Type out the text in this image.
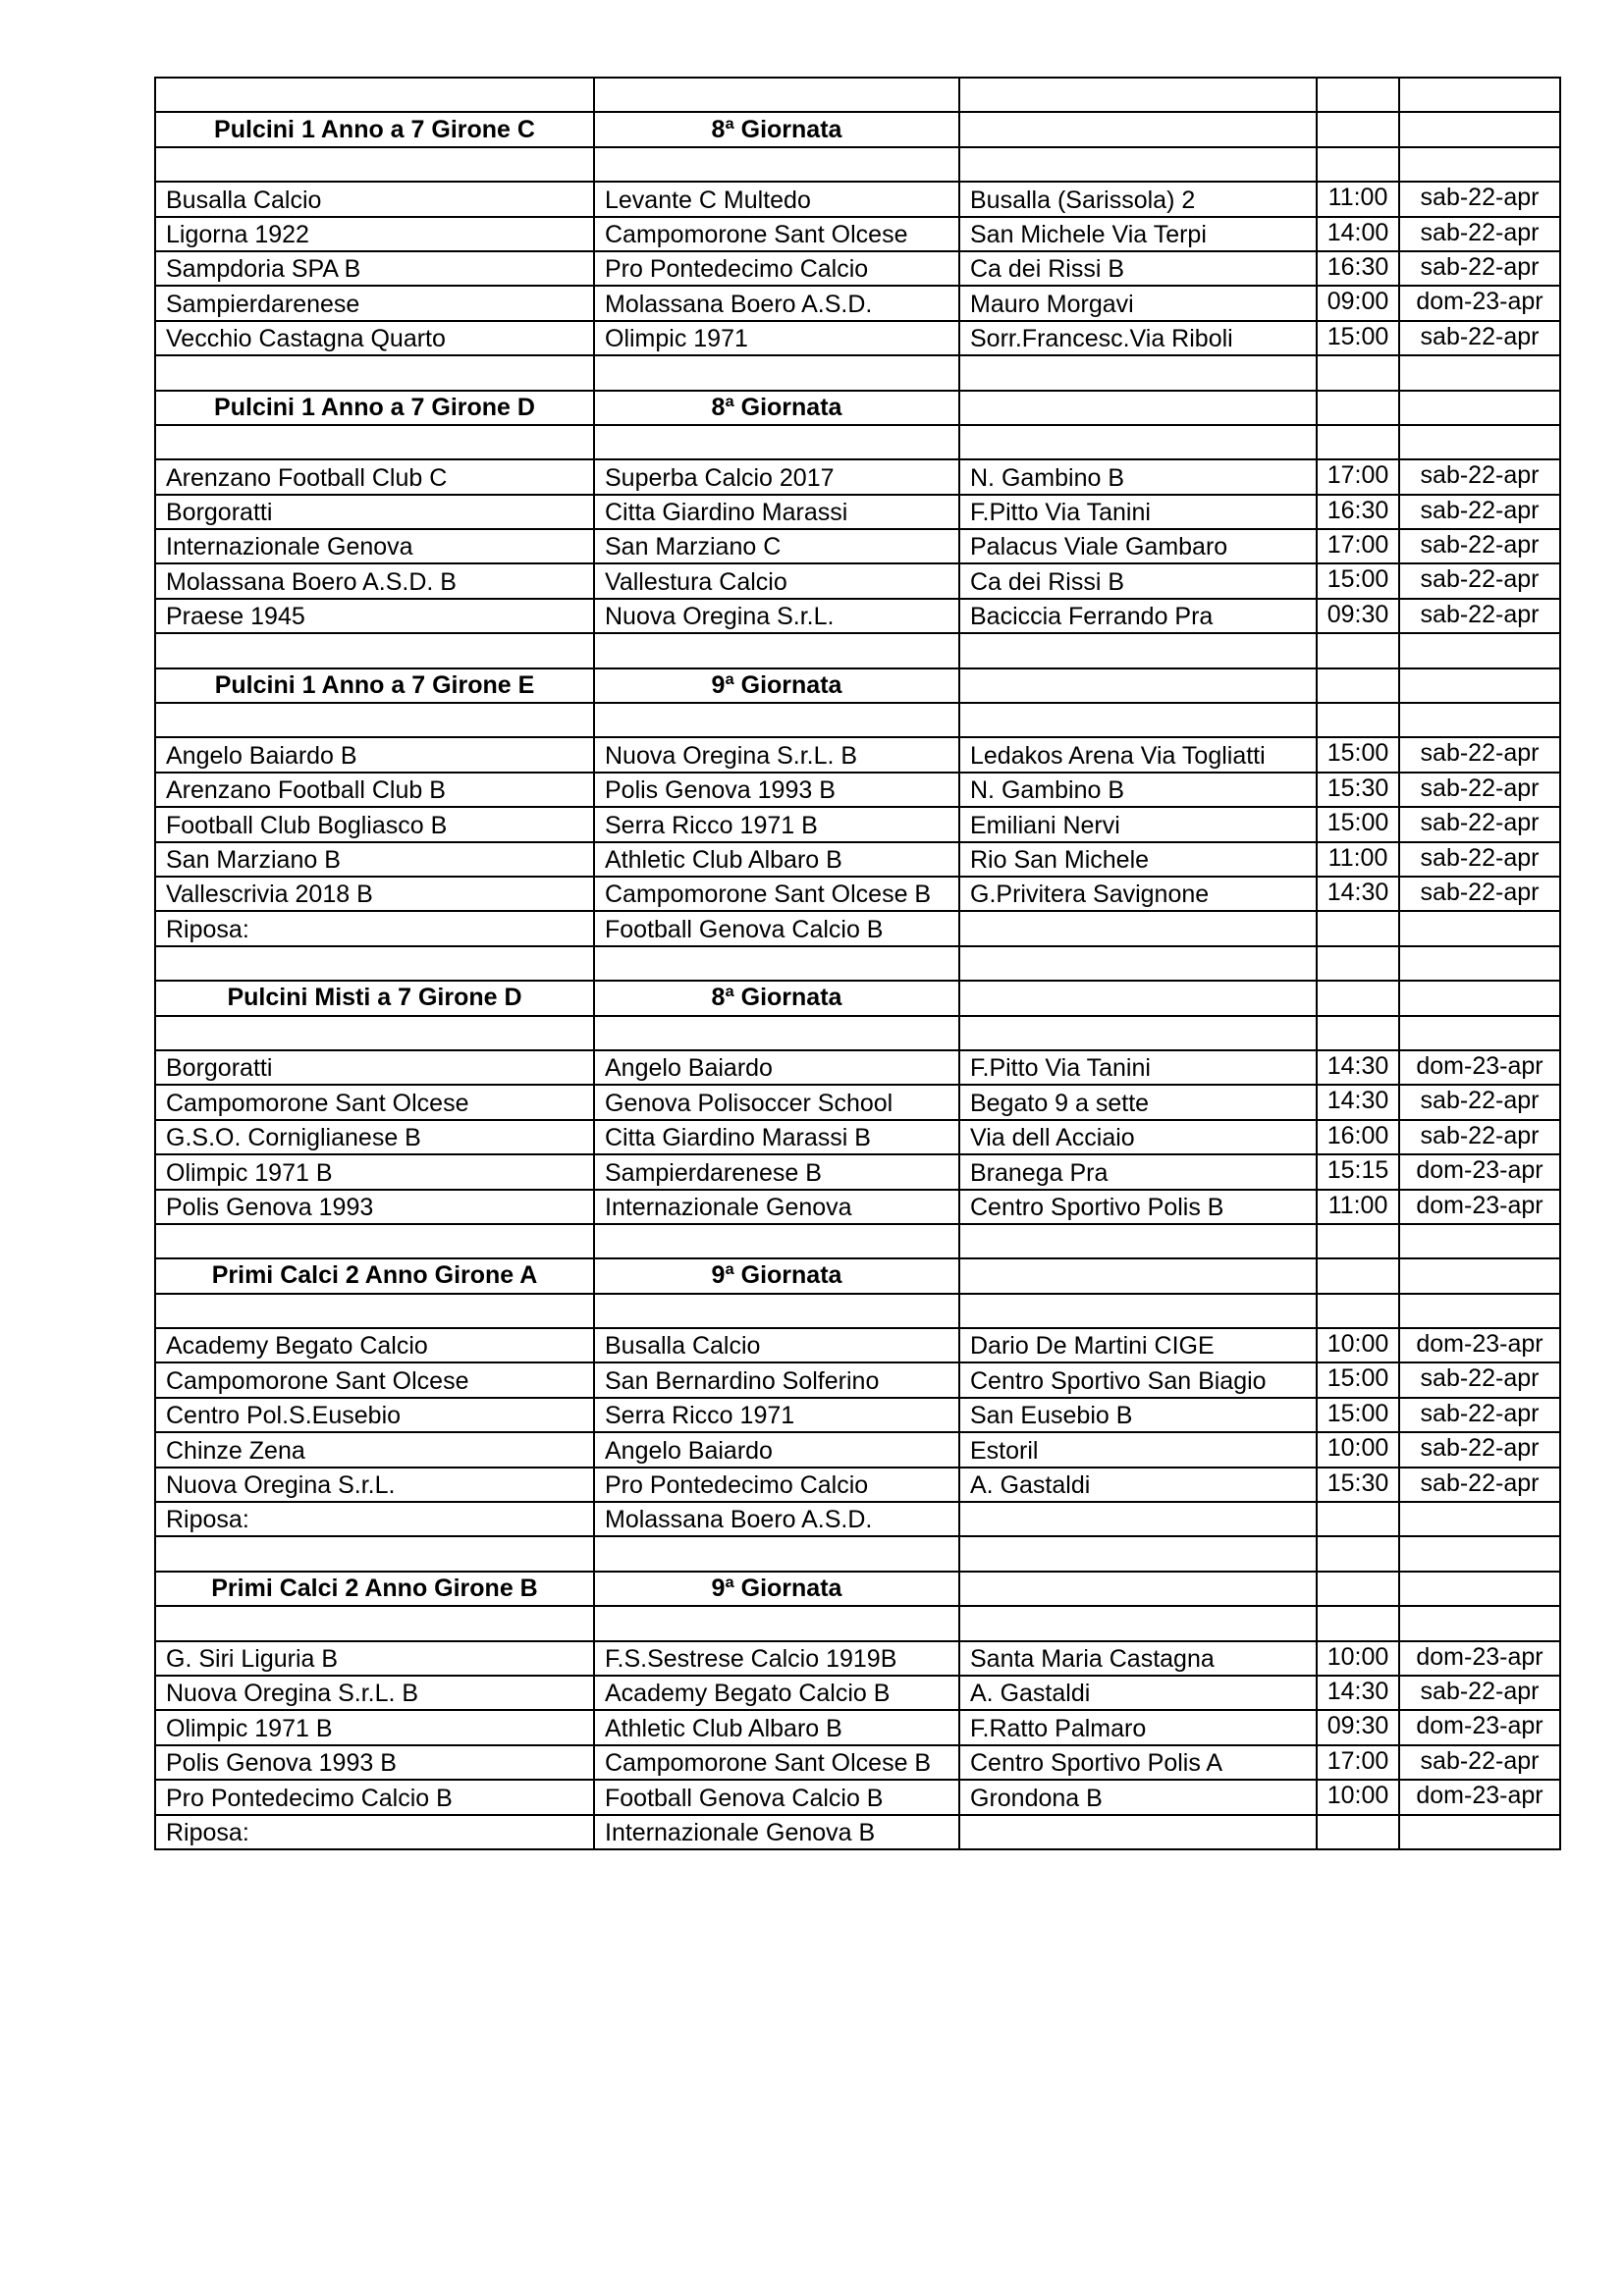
Pulcini 1 Anno a 7 Girone C	8ª Giornata			

Busalla Calcio	Levante C Multedo	Busalla (Sarissola) 2	11:00	sab-22-apr
Ligorna 1922	Campomorone Sant Olcese	San Michele Via Terpi	14:00	sab-22-apr
Sampdoria SPA B	Pro Pontedecimo Calcio	Ca dei Rissi B	16:30	sab-22-apr
Sampierdarenese	Molassana Boero A.S.D.	Mauro Morgavi	09:00	dom-23-apr
Vecchio Castagna Quarto	Olimpic 1971	Sorr.Francesc.Via Riboli	15:00	sab-22-apr

Pulcini 1 Anno a 7 Girone D	8ª Giornata			

Arenzano Football Club C	Superba Calcio 2017	N. Gambino B	17:00	sab-22-apr
Borgoratti	Citta Giardino Marassi	F.Pitto Via Tanini	16:30	sab-22-apr
Internazionale Genova	San Marziano C	Palacus Viale Gambaro	17:00	sab-22-apr
Molassana Boero A.S.D. B	Vallestura Calcio	Ca dei Rissi B	15:00	sab-22-apr
Praese 1945	Nuova Oregina S.r.L.	Baciccia Ferrando Pra	09:30	sab-22-apr

Pulcini 1 Anno a 7 Girone E	9ª Giornata			

Angelo Baiardo B	Nuova Oregina S.r.L. B	Ledakos Arena Via Togliatti	15:00	sab-22-apr
Arenzano Football Club B	Polis Genova 1993 B	N. Gambino B	15:30	sab-22-apr
Football Club Bogliasco B	Serra Ricco 1971 B	Emiliani Nervi	15:00	sab-22-apr
San Marziano B	Athletic Club Albaro B	Rio San Michele	11:00	sab-22-apr
Vallescrivia 2018 B	Campomorone Sant Olcese B	G.Privitera Savignone	14:30	sab-22-apr
Riposa:	Football Genova Calcio B			

Pulcini Misti a 7 Girone D	8ª Giornata			

Borgoratti	Angelo Baiardo	F.Pitto Via Tanini	14:30	dom-23-apr
Campomorone Sant Olcese	Genova Polisoccer School	Begato 9 a sette	14:30	sab-22-apr
G.S.O. Corniglianese B	Citta Giardino Marassi B	Via dell Acciaio	16:00	sab-22-apr
Olimpic 1971 B	Sampierdarenese B	Branega Pra	15:15	dom-23-apr
Polis Genova 1993	Internazionale Genova	Centro Sportivo Polis B	11:00	dom-23-apr

Primi Calci 2 Anno Girone A	9ª Giornata			

Academy Begato Calcio	Busalla Calcio	Dario De Martini CIGE	10:00	dom-23-apr
Campomorone Sant Olcese	San Bernardino Solferino	Centro Sportivo San Biagio	15:00	sab-22-apr
Centro Pol.S.Eusebio	Serra Ricco 1971	San Eusebio B	15:00	sab-22-apr
Chinze Zena	Angelo Baiardo	Estoril	10:00	sab-22-apr
Nuova Oregina S.r.L.	Pro Pontedecimo Calcio	A. Gastaldi	15:30	sab-22-apr
Riposa:	Molassana Boero A.S.D.			

Primi Calci 2 Anno Girone B	9ª Giornata			

G. Siri Liguria B	F.S.Sestrese Calcio 1919B	Santa Maria Castagna	10:00	dom-23-apr
Nuova Oregina S.r.L. B	Academy Begato Calcio B	A. Gastaldi	14:30	sab-22-apr
Olimpic 1971 B	Athletic Club Albaro B	F.Ratto Palmaro	09:30	dom-23-apr
Polis Genova 1993 B	Campomorone Sant Olcese B	Centro Sportivo Polis A	17:00	sab-22-apr
Pro Pontedecimo Calcio B	Football Genova Calcio B	Grondona B	10:00	dom-23-apr
Riposa:	Internazionale Genova B			
